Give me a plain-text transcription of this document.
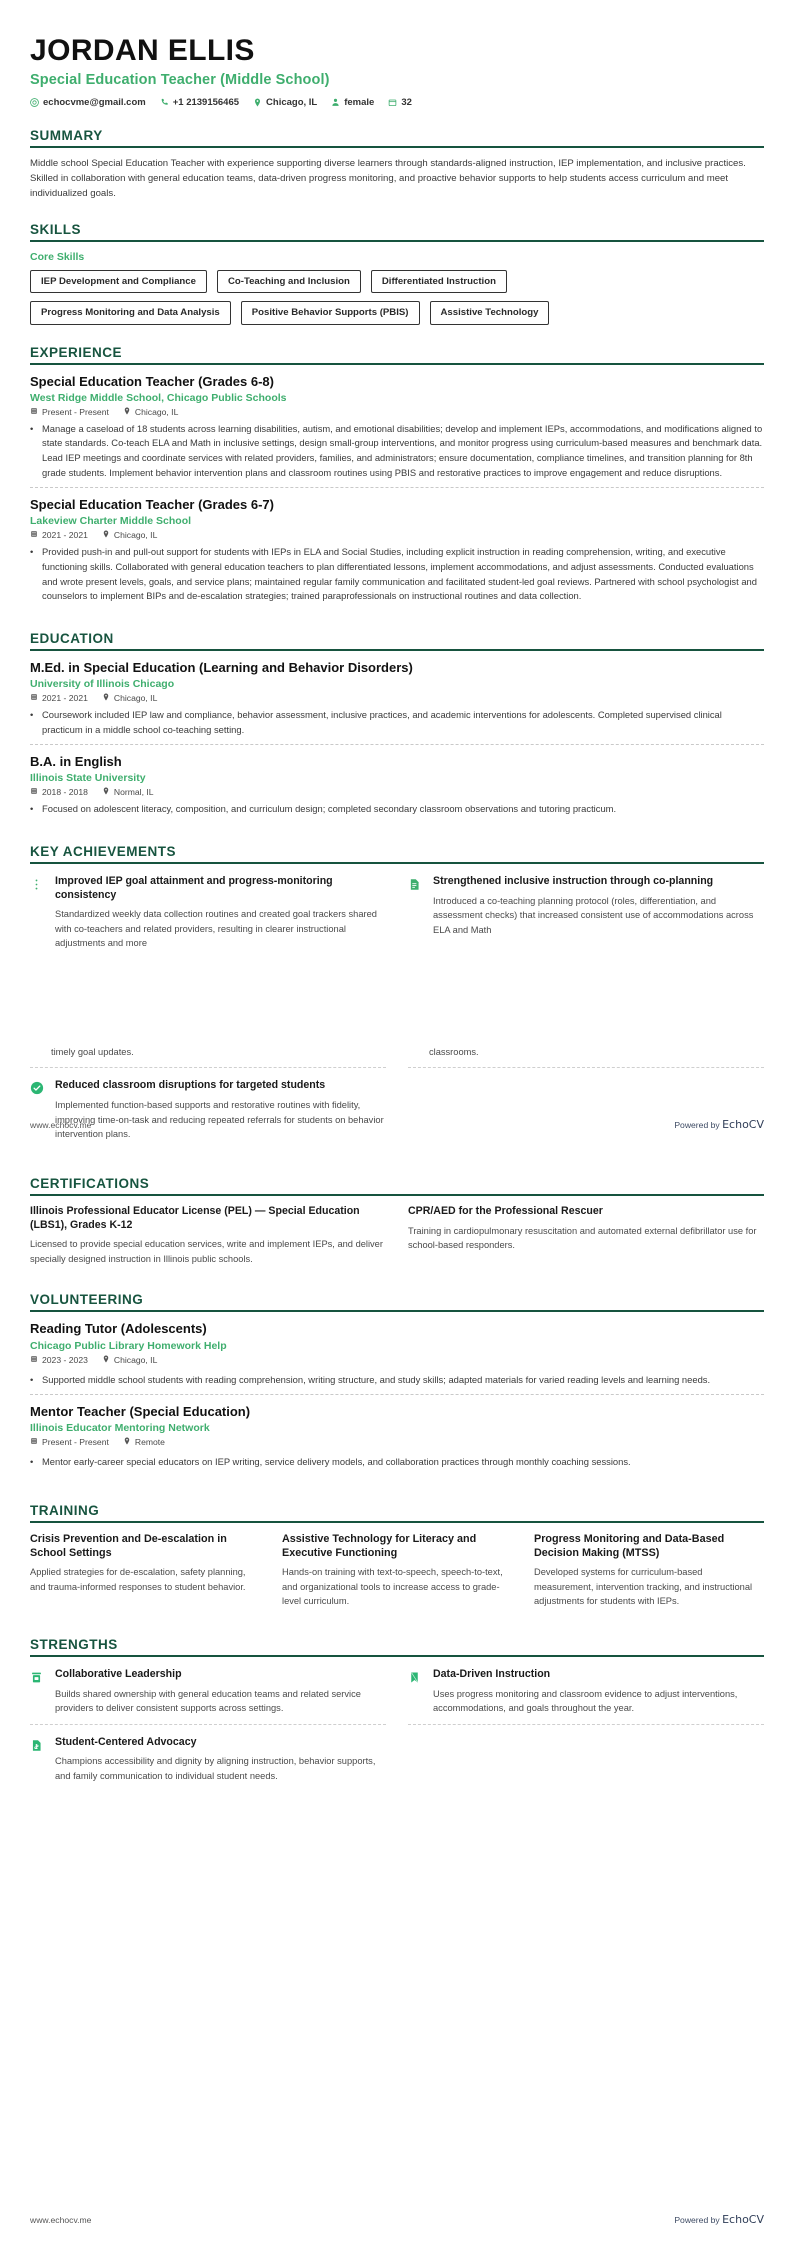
JORDAN ELLIS
Special Education Teacher (Middle School)
echocvme@gmail.com	+1 2139156465	Chicago, IL	female	32
SUMMARY
Middle school Special Education Teacher with experience supporting diverse learners through standards-aligned instruction, IEP implementation, and inclusive practices. Skilled in collaboration with general education teams, data-driven progress monitoring, and proactive behavior supports to help students access curriculum and meet individualized goals.
SKILLS
Core Skills
IEP Development and Compliance	Co-Teaching and Inclusion	Differentiated Instruction
Progress Monitoring and Data Analysis	Positive Behavior Supports (PBIS)	Assistive Technology
EXPERIENCE
Special Education Teacher (Grades 6-8)
West Ridge Middle School, Chicago Public Schools
Present - Present	Chicago, IL
• Manage a caseload of 18 students across learning disabilities, autism, and emotional disabilities; develop and implement IEPs, accommodations, and modifications aligned to state standards. Co-teach ELA and Math in inclusive settings, design small-group interventions, and monitor progress using curriculum-based measures and benchmark data. Lead IEP meetings and coordinate services with related providers, families, and administrators; ensure documentation, compliance timelines, and transition planning for 8th grade students. Implement behavior intervention plans and classroom routines using PBIS and restorative practices to improve engagement and reduce disruptions.
Special Education Teacher (Grades 6-7)
Lakeview Charter Middle School
2021 - 2021	Chicago, IL
• Provided push-in and pull-out support for students with IEPs in ELA and Social Studies, including explicit instruction in reading comprehension, writing, and executive functioning skills. Collaborated with general education teachers to plan differentiated lessons, implement accommodations, and adjust assessments. Conducted evaluations and wrote present levels, goals, and service plans; maintained regular family communication and facilitated student-led goal reviews. Partnered with school psychologist and counselors to implement BIPs and de-escalation strategies; trained paraprofessionals on instructional routines and data collection.
EDUCATION
M.Ed. in Special Education (Learning and Behavior Disorders)
University of Illinois Chicago
2021 - 2021	Chicago, IL
• Coursework included IEP law and compliance, behavior assessment, inclusive practices, and academic interventions for adolescents. Completed supervised clinical practicum in a middle school co-teaching setting.
B.A. in English
Illinois State University
2018 - 2018	Normal, IL
• Focused on adolescent literacy, composition, and curriculum design; completed secondary classroom observations and tutoring practicum.
KEY ACHIEVEMENTS
Improved IEP goal attainment and progress-monitoring consistency
Standardized weekly data collection routines and created goal trackers shared with co-teachers and related providers, resulting in clearer instructional adjustments and more
Strengthened inclusive instruction through co-planning
Introduced a co-teaching planning protocol (roles, differentiation, and assessment checks) that increased consistent use of accommodations across ELA and Math
timely goal updates.	classrooms.
Reduced classroom disruptions for targeted students
Implemented function-based supports and restorative routines with fidelity, improving time-on-task and reducing repeated referrals for students on behavior intervention plans.
CERTIFICATIONS
Illinois Professional Educator License (PEL) — Special Education (LBS1), Grades K-12
Licensed to provide special education services, write and implement IEPs, and deliver specially designed instruction in Illinois public schools.
CPR/AED for the Professional Rescuer
Training in cardiopulmonary resuscitation and automated external defibrillator use for school-based responders.
VOLUNTEERING
Reading Tutor (Adolescents)
Chicago Public Library Homework Help
2023 - 2023	Chicago, IL
• Supported middle school students with reading comprehension, writing structure, and study skills; adapted materials for varied reading levels and learning needs.
Mentor Teacher (Special Education)
Illinois Educator Mentoring Network
Present - Present	Remote
• Mentor early-career special educators on IEP writing, service delivery models, and collaboration practices through monthly coaching sessions.
TRAINING
Crisis Prevention and De-escalation in School Settings
Applied strategies for de-escalation, safety planning, and trauma-informed responses to student behavior.
Assistive Technology for Literacy and Executive Functioning
Hands-on training with text-to-speech, speech-to-text, and organizational tools to increase access to grade-level curriculum.
Progress Monitoring and Data-Based Decision Making (MTSS)
Developed systems for curriculum-based measurement, intervention tracking, and instructional adjustments for students with IEPs.
STRENGTHS
Collaborative Leadership
Builds shared ownership with general education teams and related service providers to deliver consistent supports across settings.
Student-Centered Advocacy
Champions accessibility and dignity by aligning instruction, behavior supports, and family communication to individual student needs.
Data-Driven Instruction
Uses progress monitoring and classroom evidence to adjust interventions, accommodations, and goals throughout the year.
www.echocv.me	Powered by EchoCV
www.echocv.me	Powered by EchoCV
